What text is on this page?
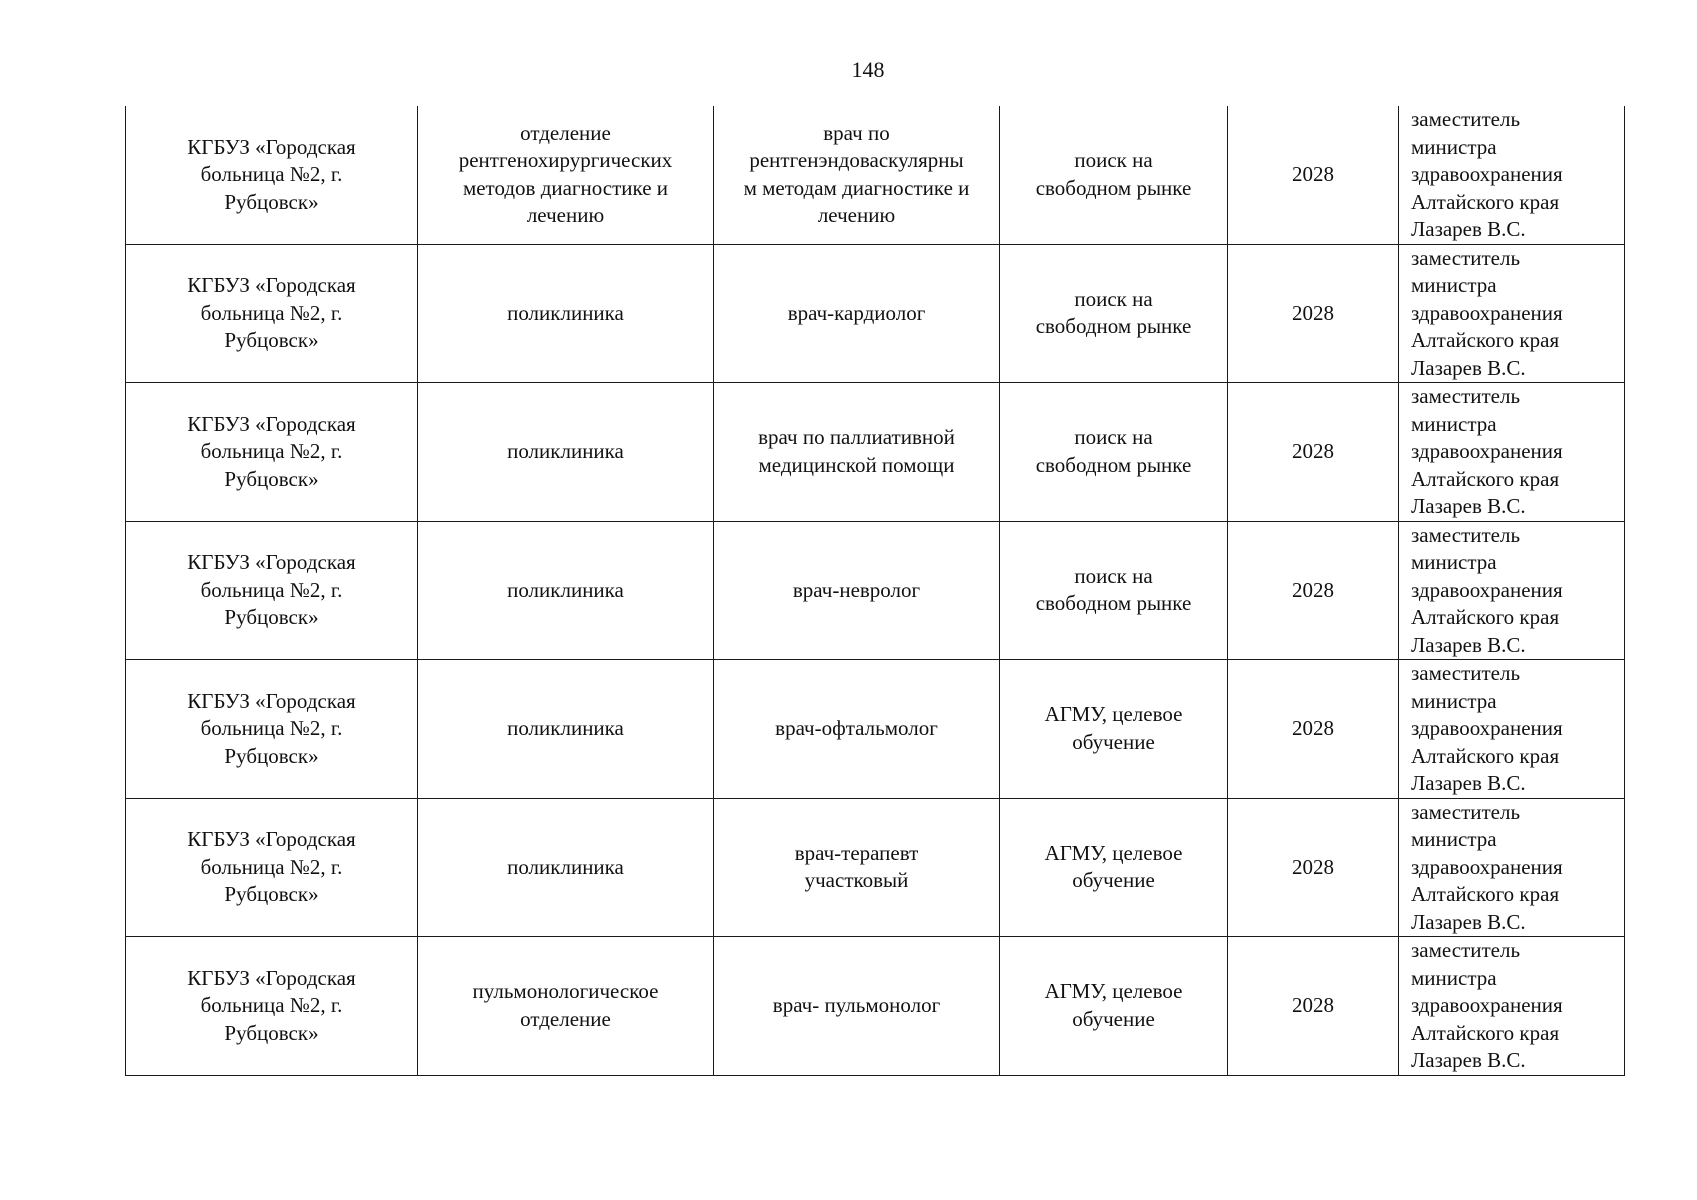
148
КГБУЗ «Городская
больница №2, г.
Рубцовск»	отделение
рентгенохирургических
методов диагностике и
лечению	врач по
рентгенэндоваскулярны
м методам диагностике и
лечению	поиск на
свободном рынке	2028	заместитель
министра
здравоохранения
Алтайского края
Лазарев В.С.
КГБУЗ «Городская
больница №2, г.
Рубцовск»	поликлиника	врач-кардиолог	поиск на
свободном рынке	2028	заместитель
министра
здравоохранения
Алтайского края
Лазарев В.С.
КГБУЗ «Городская
больница №2, г.
Рубцовск»	поликлиника	врач по паллиативной
медицинской помощи	поиск на
свободном рынке	2028	заместитель
министра
здравоохранения
Алтайского края
Лазарев В.С.
КГБУЗ «Городская
больница №2, г.
Рубцовск»	поликлиника	врач-невролог	поиск на
свободном рынке	2028	заместитель
министра
здравоохранения
Алтайского края
Лазарев В.С.
КГБУЗ «Городская
больница №2, г.
Рубцовск»	поликлиника	врач-офтальмолог	АГМУ, целевое
обучение	2028	заместитель
министра
здравоохранения
Алтайского края
Лазарев В.С.
КГБУЗ «Городская
больница №2, г.
Рубцовск»	поликлиника	врач-терапевт
участковый	АГМУ, целевое
обучение	2028	заместитель
министра
здравоохранения
Алтайского края
Лазарев В.С.
КГБУЗ «Городская
больница №2, г.
Рубцовск»	пульмонологическое
отделение	врач- пульмонолог	АГМУ, целевое
обучение	2028	заместитель
министра
здравоохранения
Алтайского края
Лазарев В.С.
